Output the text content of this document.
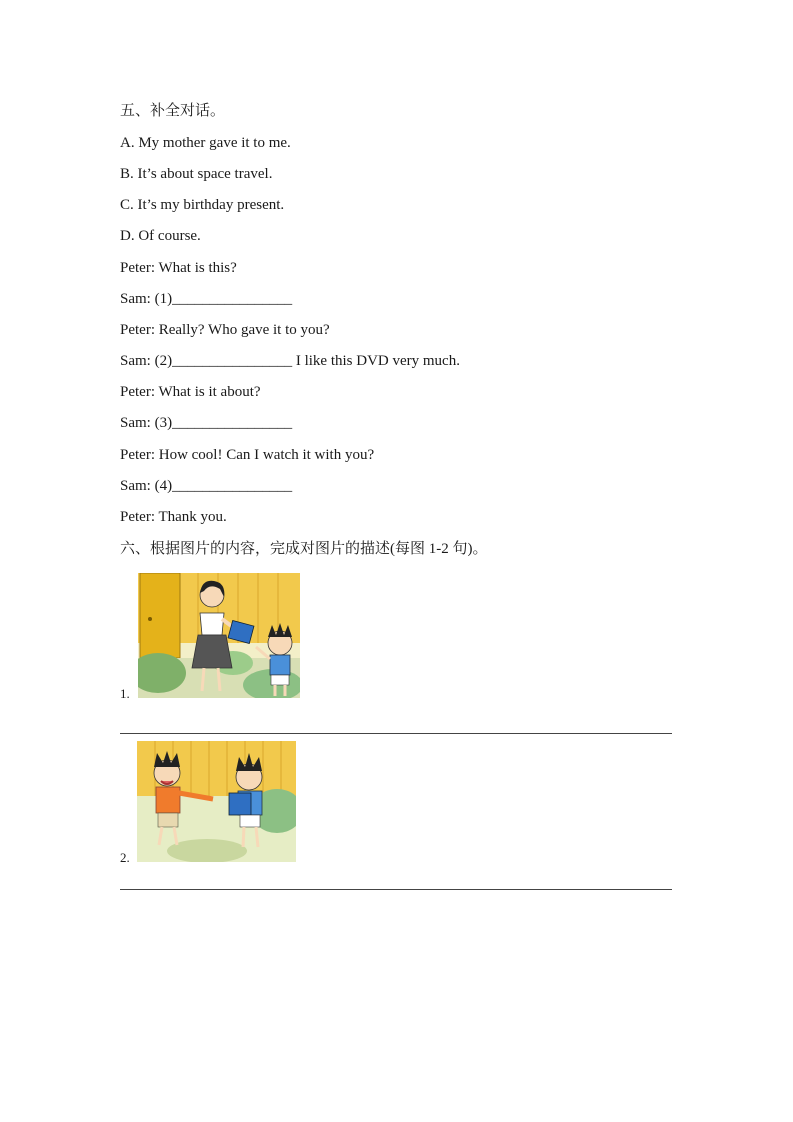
五、补全对话。
A. My mother gave it to me.
B. It’s about space travel.
C. It’s my birthday present.
D. Of course.
Peter: What is this?
Sam: (1)________________
Peter: Really? Who gave it to you?
Sam: (2)________________ I like this DVD very much.
Peter: What is it about?
Sam: (3)________________
Peter: How cool! Can I watch it with you?
Sam: (4)________________
Peter: Thank you.
六、根据图片的内容，完成对图片的描述(每图 1-2 句)。
1.
2.
